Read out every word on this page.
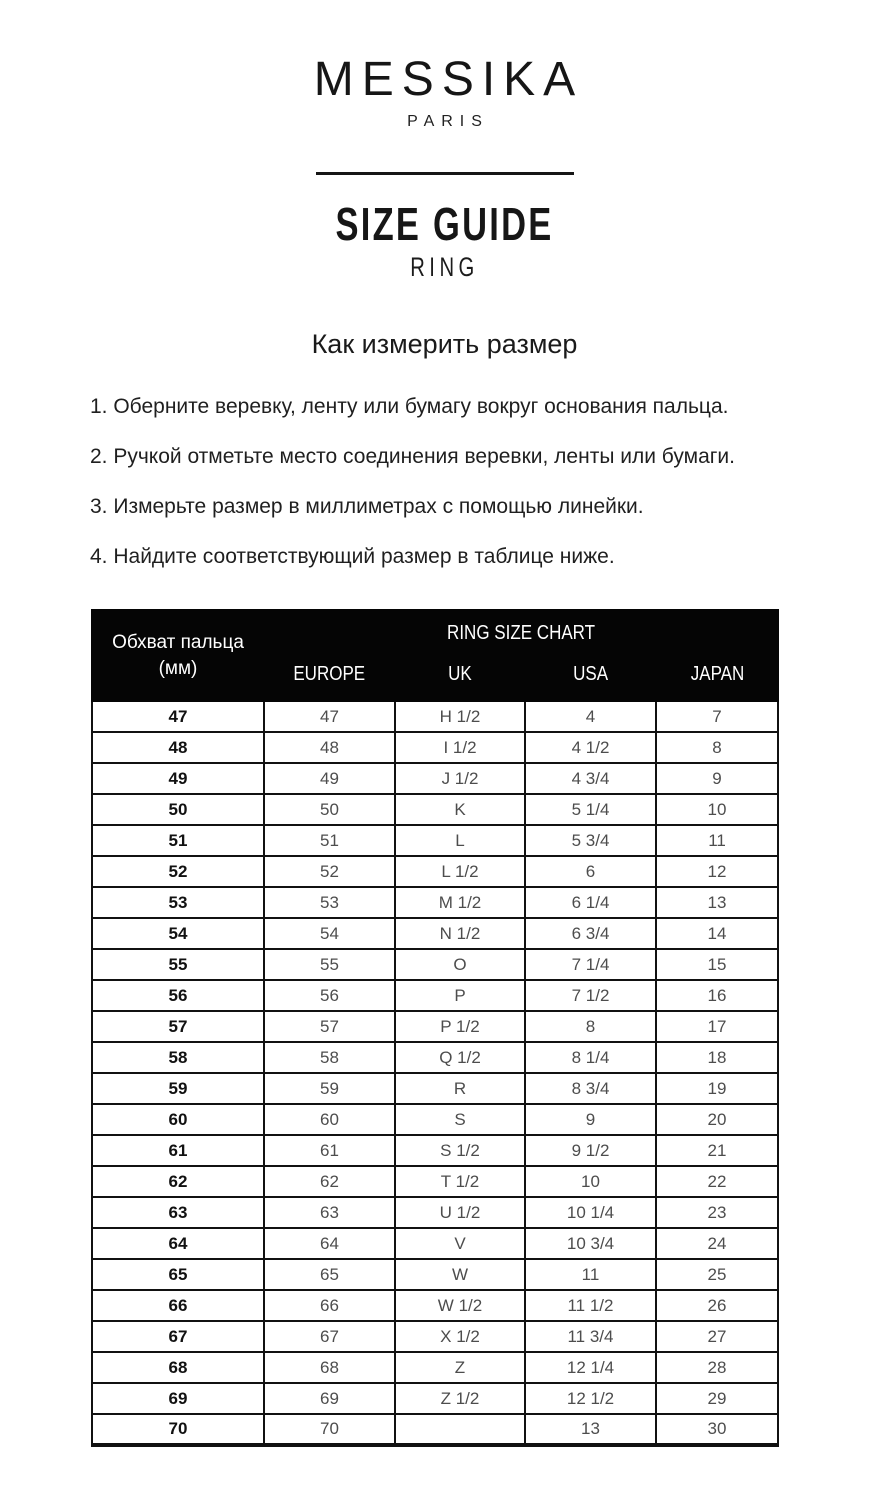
MESSIKA
PARIS
SIZE GUIDE
RING
Как измерить размер
1. Оберните веревку, ленту или бумагу вокруг основания пальца.
2. Ручкой отметьте место соединения веревки, ленты или бумаги.
3. Измерьте размер в миллиметрах с помощью линейки.
4. Найдите соответствующий размер в таблице ниже.
Обхват пальца
(мм)	RING SIZE CHART			
	EUROPE	UK	USA	JAPAN
47	47	H 1/2	4	7
48	48	I 1/2	4 1/2	8
49	49	J 1/2	4 3/4	9
50	50	K	5 1/4	10
51	51	L	5 3/4	11
52	52	L 1/2	6	12
53	53	M 1/2	6 1/4	13
54	54	N 1/2	6 3/4	14
55	55	O	7 1/4	15
56	56	P	7 1/2	16
57	57	P 1/2	8	17
58	58	Q 1/2	8 1/4	18
59	59	R	8 3/4	19
60	60	S	9	20
61	61	S 1/2	9 1/2	21
62	62	T 1/2	10	22
63	63	U 1/2	10 1/4	23
64	64	V	10 3/4	24
65	65	W	11	25
66	66	W 1/2	11 1/2	26
67	67	X 1/2	11 3/4	27
68	68	Z	12 1/4	28
69	69	Z 1/2	12 1/2	29
70	70		13	30
